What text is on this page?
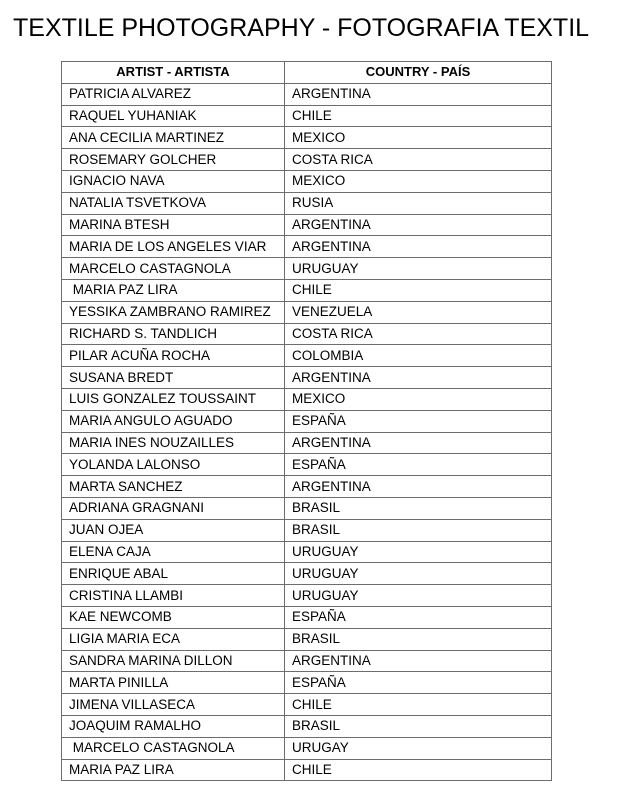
TEXTILE PHOTOGRAPHY - FOTOGRAFIA TEXTIL
ARTIST - ARTISTA	COUNTRY - PAÍS
PATRICIA ALVAREZ	ARGENTINA
RAQUEL YUHANIAK	CHILE
ANA CECILIA MARTINEZ	MEXICO
ROSEMARY GOLCHER	COSTA RICA
IGNACIO NAVA	MEXICO
NATALIA TSVETKOVA	RUSIA
MARINA BTESH	ARGENTINA
MARIA DE LOS ANGELES VIAR	ARGENTINA
MARCELO CASTAGNOLA	URUGUAY
MARIA PAZ LIRA	CHILE
YESSIKA ZAMBRANO RAMIREZ	VENEZUELA
RICHARD S. TANDLICH	COSTA RICA
PILAR ACUÑA ROCHA	COLOMBIA
SUSANA BREDT	ARGENTINA
LUIS GONZALEZ TOUSSAINT	MEXICO
MARIA ANGULO AGUADO	ESPAÑA
MARIA INES NOUZAILLES	ARGENTINA
YOLANDA LALONSO	ESPAÑA
MARTA SANCHEZ	ARGENTINA
ADRIANA GRAGNANI	BRASIL
JUAN OJEA	BRASIL
ELENA CAJA	URUGUAY
ENRIQUE ABAL	URUGUAY
CRISTINA LLAMBI	URUGUAY
KAE NEWCOMB	ESPAÑA
LIGIA MARIA ECA	BRASIL
SANDRA MARINA DILLON	ARGENTINA
MARTA PINILLA	ESPAÑA
JIMENA VILLASECA	CHILE
JOAQUIM RAMALHO	BRASIL
MARCELO CASTAGNOLA	URUGAY
MARIA PAZ LIRA	CHILE
